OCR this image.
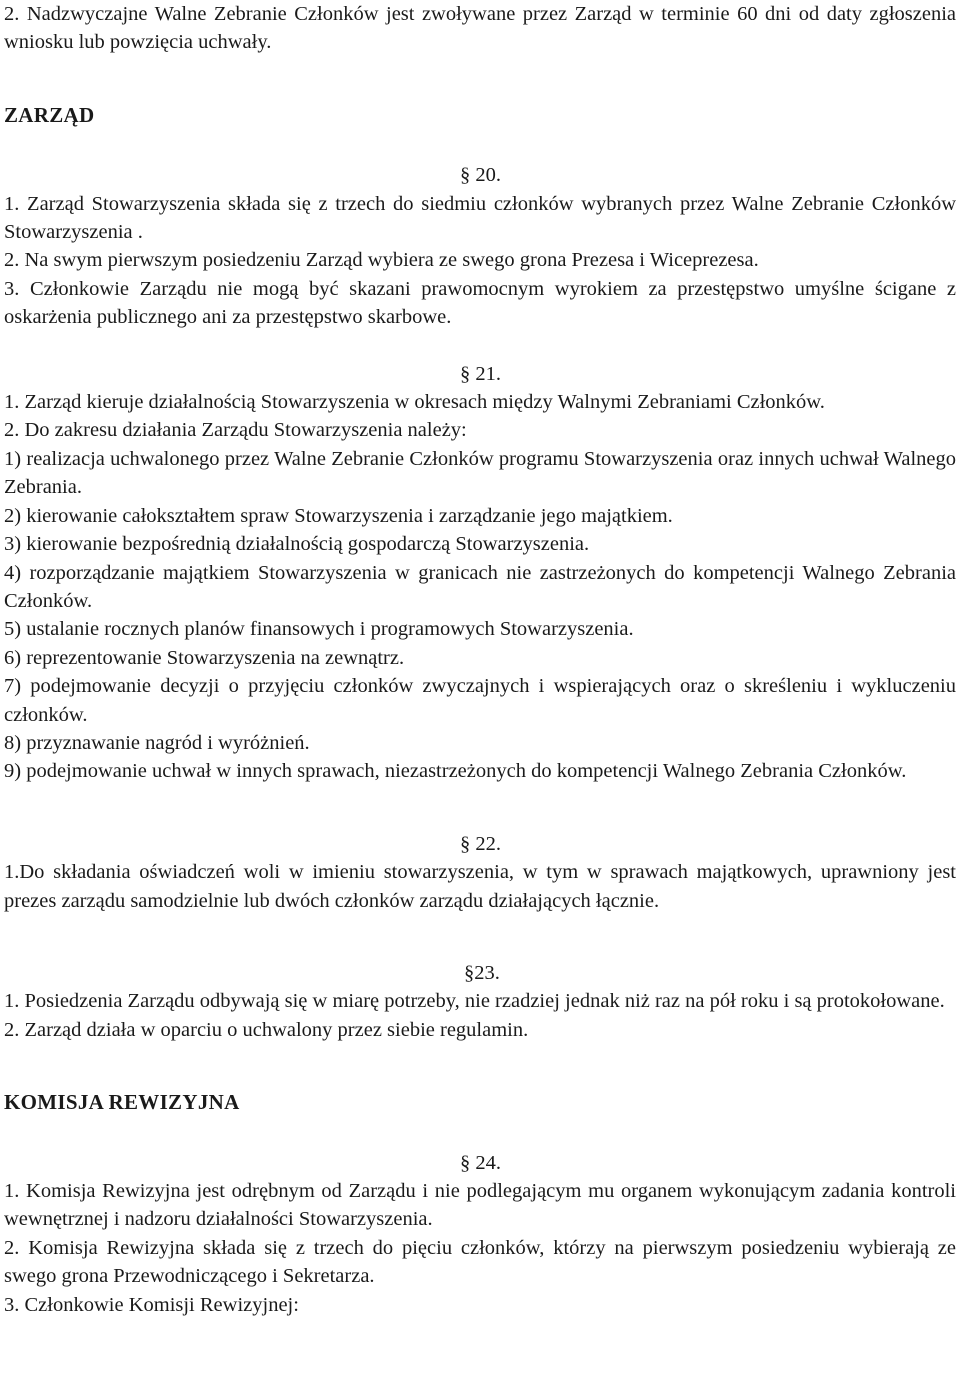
2. Nadzwyczajne Walne Zebranie Członków jest zwoływane przez Zarząd w terminie 60 dni od daty zgłoszenia wniosku lub powzięcia uchwały.

ZARZĄD

§ 20.

1. Zarząd Stowarzyszenia składa się z trzech do siedmiu członków wybranych przez Walne Zebranie Członków Stowarzyszenia .

2. Na swym pierwszym posiedzeniu Zarząd wybiera ze swego grona Prezesa i Wiceprezesa.

3. Członkowie Zarządu nie mogą być skazani prawomocnym wyrokiem za przestępstwo umyślne ścigane z oskarżenia publicznego ani za przestępstwo skarbowe.

§ 21.

1. Zarząd kieruje działalnością Stowarzyszenia w okresach między Walnymi Zebraniami Członków.

2. Do zakresu działania Zarządu Stowarzyszenia należy:

1) realizacja uchwalonego przez Walne Zebranie Członków programu Stowarzyszenia oraz innych uchwał Walnego Zebrania.

2) kierowanie całokształtem spraw Stowarzyszenia i zarządzanie jego majątkiem.

3) kierowanie bezpośrednią działalnością gospodarczą Stowarzyszenia.

4) rozporządzanie majątkiem Stowarzyszenia w granicach nie zastrzeżonych do kompetencji Walnego Zebrania Członków.

5) ustalanie rocznych planów finansowych i programowych Stowarzyszenia.

6) reprezentowanie Stowarzyszenia na zewnątrz.

7) podejmowanie decyzji o przyjęciu członków zwyczajnych i wspierających oraz o skreśleniu i wykluczeniu członków.

8) przyznawanie nagród i wyróżnień.

9) podejmowanie uchwał w innych sprawach, niezastrzeżonych do kompetencji Walnego Zebrania Członków.

§ 22.

1.Do składania oświadczeń woli w imieniu stowarzyszenia, w tym w sprawach majątkowych, uprawniony jest prezes zarządu samodzielnie lub dwóch członków zarządu działających łącznie.

§23.

1. Posiedzenia Zarządu odbywają się w miarę potrzeby, nie rzadziej jednak niż raz na pół roku i są protokołowane.

2. Zarząd działa w oparciu o uchwalony przez siebie regulamin.

KOMISJA REWIZYJNA

§ 24.

1. Komisja Rewizyjna jest odrębnym od Zarządu i nie podlegającym mu organem wykonującym zadania kontroli wewnętrznej i nadzoru działalności Stowarzyszenia.

2. Komisja Rewizyjna składa się z trzech do pięciu członków, którzy na pierwszym posiedzeniu wybierają ze swego grona Przewodniczącego i Sekretarza.

3. Członkowie Komisji Rewizyjnej:
